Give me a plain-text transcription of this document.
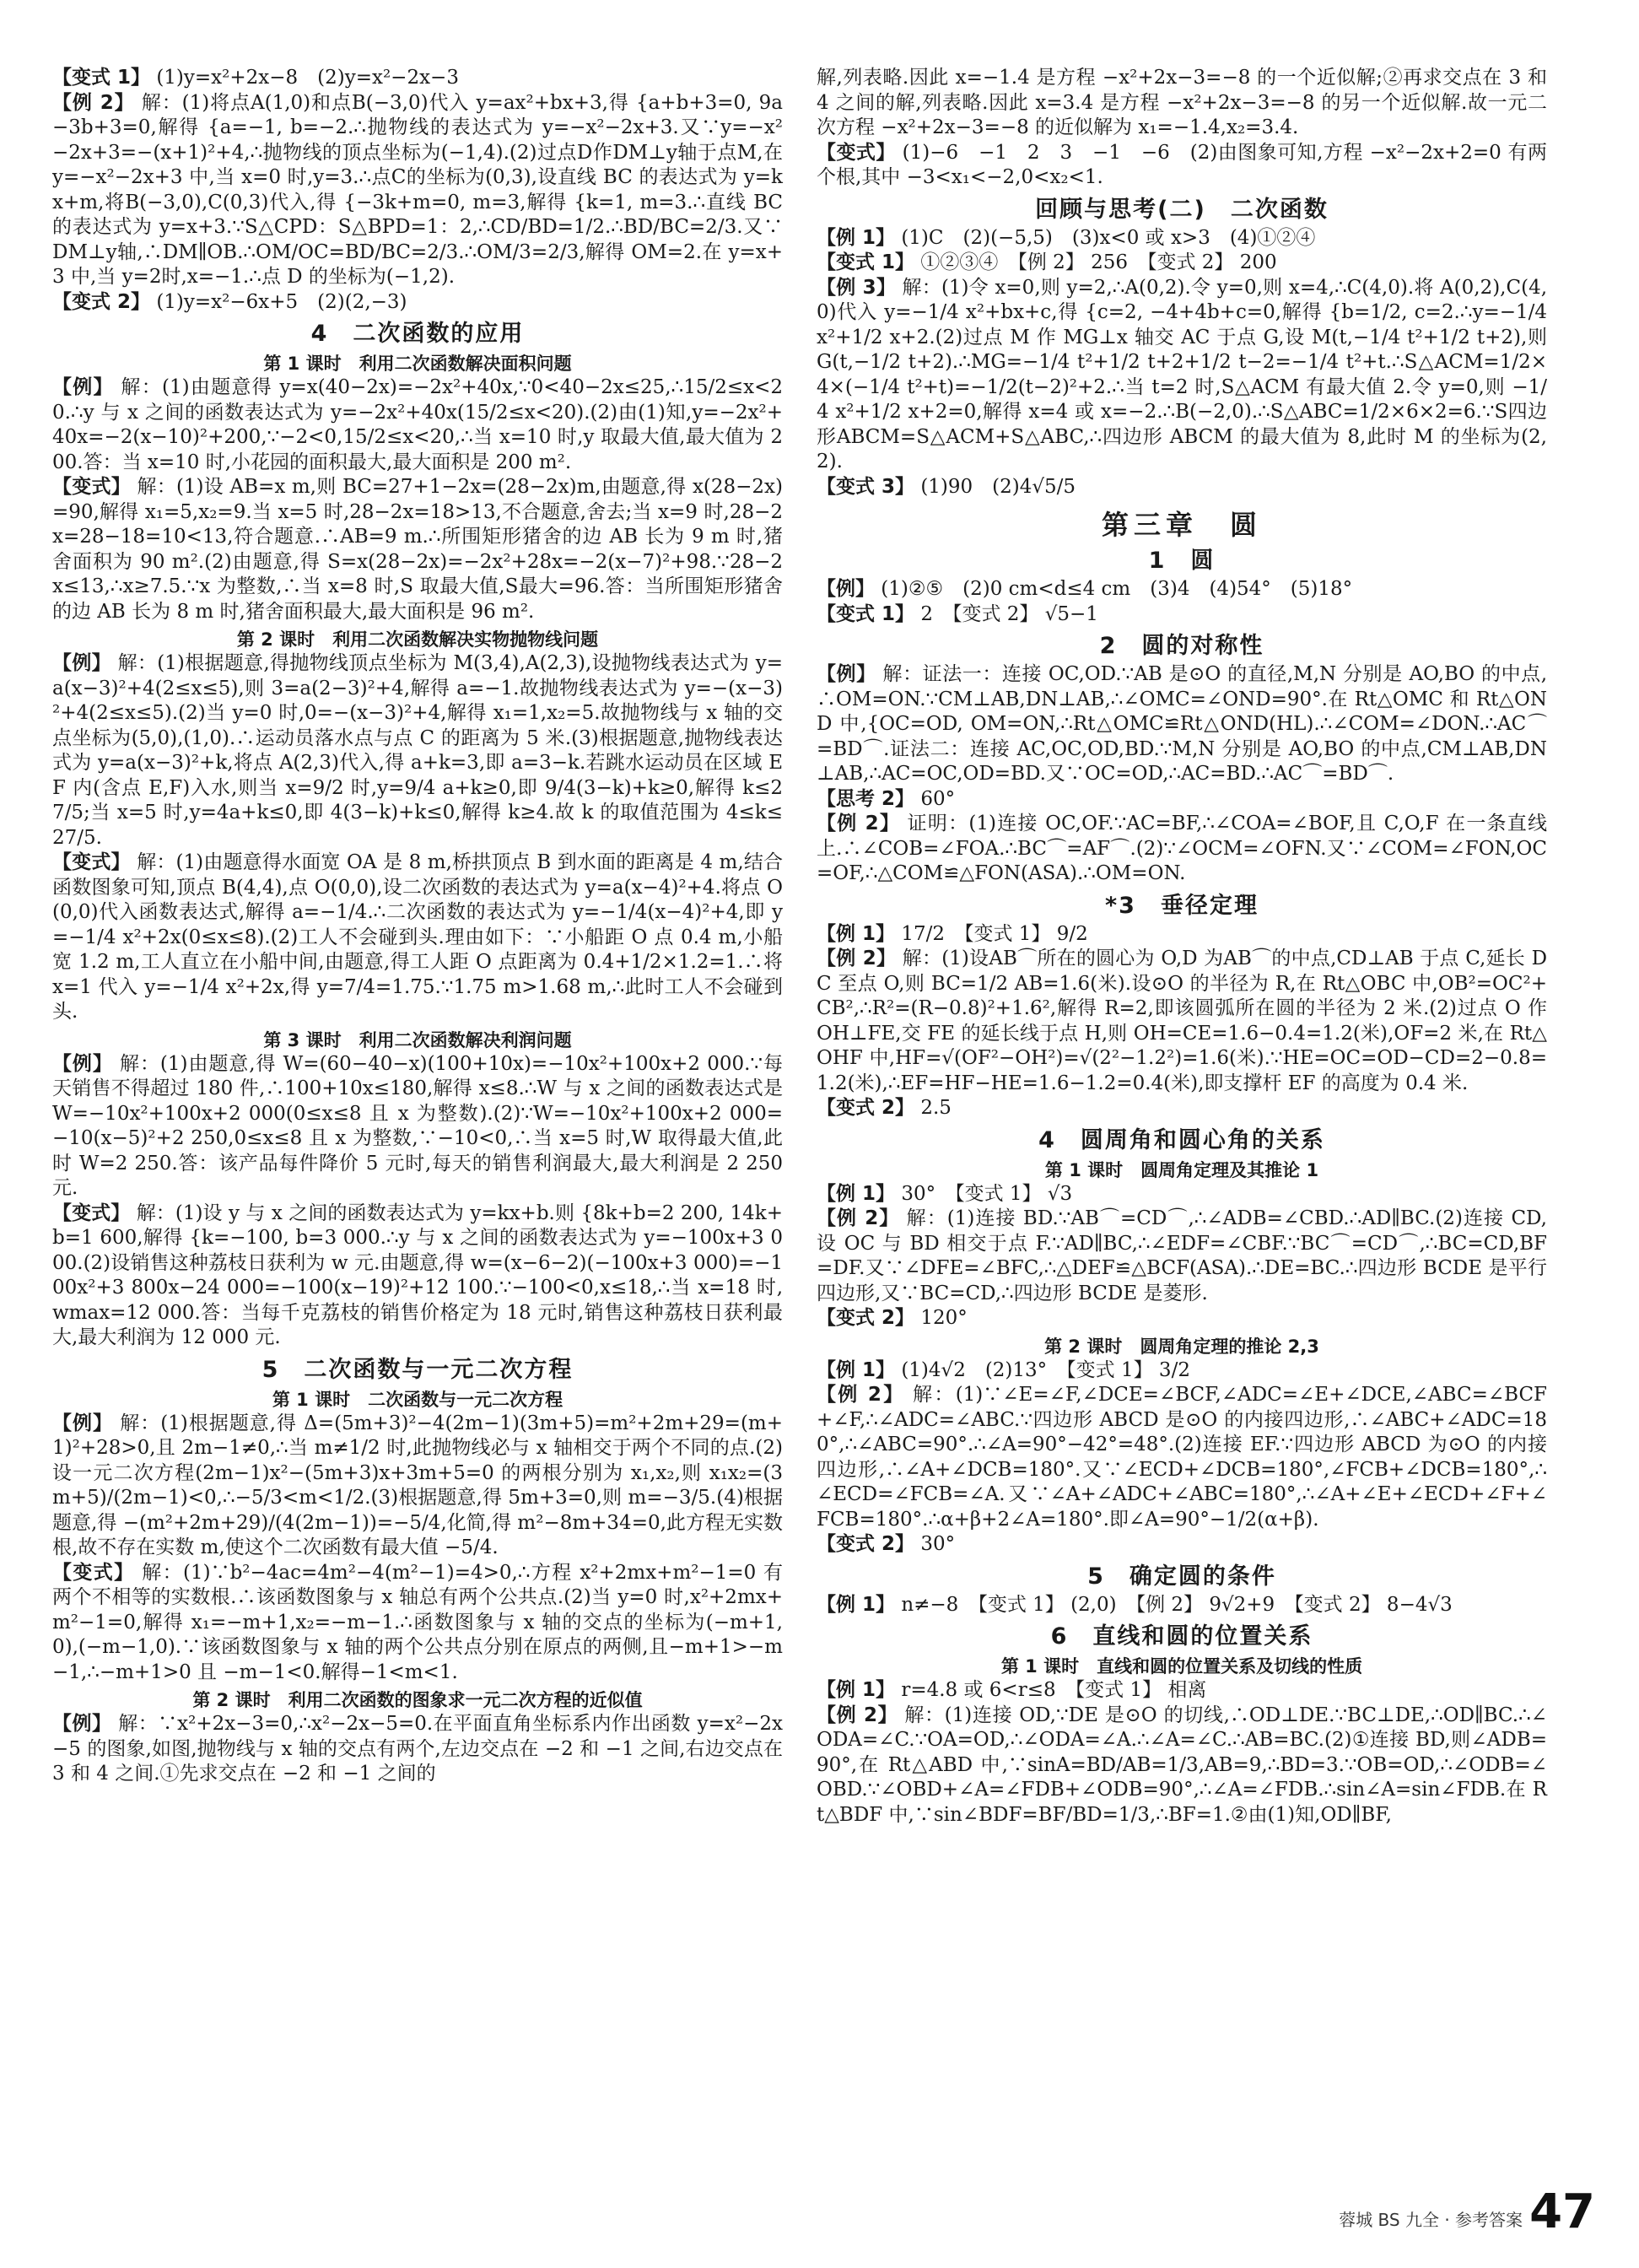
【变式 1】 (1)y=x²+2x−8　(2)y=x²−2x−3

【例 2】 解：(1)将点A(1,0)和点B(−3,0)代入 y=ax²+bx+3,得 {a+b+3=0, 9a−3b+3=0,解得 {a=−1, b=−2.∴抛物线的表达式为 y=−x²−2x+3.又∵y=−x²−2x+3=−(x+1)²+4,∴抛物线的顶点坐标为(−1,4).(2)过点D作DM⊥y轴于点M,在 y=−x²−2x+3 中,当 x=0 时,y=3.∴点C的坐标为(0,3),设直线 BC 的表达式为 y=kx+m,将B(−3,0),C(0,3)代入,得 {−3k+m=0, m=3,解得 {k=1, m=3.∴直线 BC 的表达式为 y=x+3.∵S△CPD：S△BPD=1：2,∴CD/BD=1/2.∴BD/BC=2/3.又∵DM⊥y轴,∴DM∥OB.∴OM/OC=BD/BC=2/3.∴OM/3=2/3,解得 OM=2.在 y=x+3 中,当 y=2时,x=−1.∴点 D 的坐标为(−1,2).

【变式 2】 (1)y=x²−6x+5　(2)(2,−3)

4　二次函数的应用
第 1 课时　利用二次函数解决面积问题

【例】 解：(1)由题意得 y=x(40−2x)=−2x²+40x,∵0<40−2x≤25,∴15/2≤x<20.∴y 与 x 之间的函数表达式为 y=−2x²+40x(15/2≤x<20).(2)由(1)知,y=−2x²+40x=−2(x−10)²+200,∵−2<0,15/2≤x<20,∴当 x=10 时,y 取最大值,最大值为 200.答：当 x=10 时,小花园的面积最大,最大面积是 200 m².

【变式】 解：(1)设 AB=x m,则 BC=27+1−2x=(28−2x)m,由题意,得 x(28−2x)=90,解得 x₁=5,x₂=9.当 x=5 时,28−2x=18>13,不合题意,舍去;当 x=9 时,28−2x=28−18=10<13,符合题意.∴AB=9 m.∴所围矩形猪舍的边 AB 长为 9 m 时,猪舍面积为 90 m².(2)由题意,得 S=x(28−2x)=−2x²+28x=−2(x−7)²+98.∵28−2x≤13,∴x≥7.5.∵x 为整数,∴当 x=8 时,S 取最大值,S最大=96.答：当所围矩形猪舍的边 AB 长为 8 m 时,猪舍面积最大,最大面积是 96 m².

第 2 课时　利用二次函数解决实物抛物线问题

【例】 解：(1)根据题意,得抛物线顶点坐标为 M(3,4),A(2,3),设抛物线表达式为 y=a(x−3)²+4(2≤x≤5),则 3=a(2−3)²+4,解得 a=−1.故抛物线表达式为 y=−(x−3)²+4(2≤x≤5).(2)当 y=0 时,0=−(x−3)²+4,解得 x₁=1,x₂=5.故抛物线与 x 轴的交点坐标为(5,0),(1,0).∴运动员落水点与点 C 的距离为 5 米.(3)根据题意,抛物线表达式为 y=a(x−3)²+k,将点 A(2,3)代入,得 a+k=3,即 a=3−k.若跳水运动员在区域 EF 内(含点 E,F)入水,则当 x=9/2 时,y=9/4 a+k≥0,即 9/4(3−k)+k≥0,解得 k≤27/5;当 x=5 时,y=4a+k≤0,即 4(3−k)+k≤0,解得 k≥4.故 k 的取值范围为 4≤k≤27/5.

【变式】 解：(1)由题意得水面宽 OA 是 8 m,桥拱顶点 B 到水面的距离是 4 m,结合函数图象可知,顶点 B(4,4),点 O(0,0),设二次函数的表达式为 y=a(x−4)²+4.将点 O(0,0)代入函数表达式,解得 a=−1/4.∴二次函数的表达式为 y=−1/4(x−4)²+4,即 y=−1/4 x²+2x(0≤x≤8).(2)工人不会碰到头.理由如下：∵小船距 O 点 0.4 m,小船宽 1.2 m,工人直立在小船中间,由题意,得工人距 O 点距离为 0.4+1/2×1.2=1.∴将 x=1 代入 y=−1/4 x²+2x,得 y=7/4=1.75.∵1.75 m>1.68 m,∴此时工人不会碰到头.

第 3 课时　利用二次函数解决利润问题

【例】 解：(1)由题意,得 W=(60−40−x)(100+10x)=−10x²+100x+2 000.∵每天销售不得超过 180 件,∴100+10x≤180,解得 x≤8.∴W 与 x 之间的函数表达式是 W=−10x²+100x+2 000(0≤x≤8 且 x 为整数).(2)∵W=−10x²+100x+2 000=−10(x−5)²+2 250,0≤x≤8 且 x 为整数,∵−10<0,∴当 x=5 时,W 取得最大值,此时 W=2 250.答：该产品每件降价 5 元时,每天的销售利润最大,最大利润是 2 250 元.

【变式】 解：(1)设 y 与 x 之间的函数表达式为 y=kx+b.则 {8k+b=2 200, 14k+b=1 600,解得 {k=−100, b=3 000.∴y 与 x 之间的函数表达式为 y=−100x+3 000.(2)设销售这种荔枝日获利为 w 元.由题意,得 w=(x−6−2)(−100x+3 000)=−100x²+3 800x−24 000=−100(x−19)²+12 100.∵−100<0,x≤18,∴当 x=18 时,wmax=12 000.答：当每千克荔枝的销售价格定为 18 元时,销售这种荔枝日获利最大,最大利润为 12 000 元.

5　二次函数与一元二次方程
第 1 课时　二次函数与一元二次方程

【例】 解：(1)根据题意,得 Δ=(5m+3)²−4(2m−1)(3m+5)=m²+2m+29=(m+1)²+28>0,且 2m−1≠0,∴当 m≠1/2 时,此抛物线必与 x 轴相交于两个不同的点.(2)设一元二次方程(2m−1)x²−(5m+3)x+3m+5=0 的两根分别为 x₁,x₂,则 x₁x₂=(3m+5)/(2m−1)<0,∴−5/3<m<1/2.(3)根据题意,得 5m+3=0,则 m=−3/5.(4)根据题意,得 −(m²+2m+29)/(4(2m−1))=−5/4,化简,得 m²−8m+34=0,此方程无实数根,故不存在实数 m,使这个二次函数有最大值 −5/4.

【变式】 解：(1)∵b²−4ac=4m²−4(m²−1)=4>0,∴方程 x²+2mx+m²−1=0 有两个不相等的实数根.∴该函数图象与 x 轴总有两个公共点.(2)当 y=0 时,x²+2mx+m²−1=0,解得 x₁=−m+1,x₂=−m−1.∴函数图象与 x 轴的交点的坐标为(−m+1,0),(−m−1,0).∵该函数图象与 x 轴的两个公共点分别在原点的两侧,且−m+1>−m−1,∴−m+1>0 且 −m−1<0.解得−1<m<1.

第 2 课时　利用二次函数的图象求一元二次方程的近似值

【例】 解：∵x²+2x−3=0,∴x²−2x−5=0.在平面直角坐标系内作出函数 y=x²−2x−5 的图象,如图,抛物线与 x 轴的交点有两个,左边交点在 −2 和 −1 之间,右边交点在 3 和 4 之间.①先求交点在 −2 和 −1 之间的

解,列表略.因此 x=−1.4 是方程 −x²+2x−3=−8 的一个近似解;②再求交点在 3 和 4 之间的解,列表略.因此 x=3.4 是方程 −x²+2x−3=−8 的另一个近似解.故一元二次方程 −x²+2x−3=−8 的近似解为 x₁=−1.4,x₂=3.4.

【变式】 (1)−6　−1　2　3　−1　−6　(2)由图象可知,方程 −x²−2x+2=0 有两个根,其中 −3<x₁<−2,0<x₂<1.

回顾与思考(二)　二次函数

【例 1】 (1)C　(2)(−5,5)　(3)x<0 或 x>3　(4)①②④

【变式 1】 ①②③④　【例 2】 256　【变式 2】 200

【例 3】 解：(1)令 x=0,则 y=2,∴A(0,2).令 y=0,则 x=4,∴C(4,0).将 A(0,2),C(4,0)代入 y=−1/4 x²+bx+c,得 {c=2, −4+4b+c=0,解得 {b=1/2, c=2.∴y=−1/4 x²+1/2 x+2.(2)过点 M 作 MG⊥x 轴交 AC 于点 G,设 M(t,−1/4 t²+1/2 t+2),则 G(t,−1/2 t+2).∴MG=−1/4 t²+1/2 t+2+1/2 t−2=−1/4 t²+t.∴S△ACM=1/2×4×(−1/4 t²+t)=−1/2(t−2)²+2.∴当 t=2 时,S△ACM 有最大值 2.令 y=0,则 −1/4 x²+1/2 x+2=0,解得 x=4 或 x=−2.∴B(−2,0).∴S△ABC=1/2×6×2=6.∵S四边形ABCM=S△ACM+S△ABC,∴四边形 ABCM 的最大值为 8,此时 M 的坐标为(2,2).

【变式 3】 (1)90　(2)4√5/5

第三章　圆
1　圆

【例】 (1)②⑤　(2)0 cm<d≤4 cm　(3)4　(4)54°　(5)18°

【变式 1】 2　【变式 2】 √5−1

2　圆的对称性

【例】 解：证法一：连接 OC,OD.∵AB 是⊙O 的直径,M,N 分别是 AO,BO 的中点,∴OM=ON.∵CM⊥AB,DN⊥AB,∴∠OMC=∠OND=90°.在 Rt△OMC 和 Rt△OND 中,{OC=OD, OM=ON,∴Rt△OMC≌Rt△OND(HL).∴∠COM=∠DON.∴AC⌒=BD⌒.证法二：连接 AC,OC,OD,BD.∵M,N 分别是 AO,BO 的中点,CM⊥AB,DN⊥AB,∴AC=OC,OD=BD.又∵OC=OD,∴AC=BD.∴AC⌒=BD⌒.

【思考 2】 60°

【例 2】 证明：(1)连接 OC,OF.∵AC=BF,∴∠COA=∠BOF,且 C,O,F 在一条直线上.∴∠COB=∠FOA.∴BC⌒=AF⌒.(2)∵∠OCM=∠OFN.又∵∠COM=∠FON,OC=OF,∴△COM≌△FON(ASA).∴OM=ON.

*3　垂径定理

【例 1】 17/2　【变式 1】 9/2

【例 2】 解：(1)设AB⌒所在的圆心为 O,D 为AB⌒的中点,CD⊥AB 于点 C,延长 DC 至点 O,则 BC=1/2 AB=1.6(米).设⊙O 的半径为 R,在 Rt△OBC 中,OB²=OC²+CB²,∴R²=(R−0.8)²+1.6²,解得 R=2,即该圆弧所在圆的半径为 2 米.(2)过点 O 作 OH⊥FE,交 FE 的延长线于点 H,则 OH=CE=1.6−0.4=1.2(米),OF=2 米,在 Rt△OHF 中,HF=√(OF²−OH²)=√(2²−1.2²)=1.6(米).∵HE=OC=OD−CD=2−0.8=1.2(米),∴EF=HF−HE=1.6−1.2=0.4(米),即支撑杆 EF 的高度为 0.4 米.

【变式 2】 2.5

4　圆周角和圆心角的关系
第 1 课时　圆周角定理及其推论 1

【例 1】 30°　【变式 1】 √3

【例 2】 解：(1)连接 BD.∵AB⌒=CD⌒,∴∠ADB=∠CBD.∴AD∥BC.(2)连接 CD,设 OC 与 BD 相交于点 F.∵AD∥BC,∴∠EDF=∠CBF.∵BC⌒=CD⌒,∴BC=CD,BF=DF.又∵∠DFE=∠BFC,∴△DEF≌△BCF(ASA).∴DE=BC.∴四边形 BCDE 是平行四边形,又∵BC=CD,∴四边形 BCDE 是菱形.

【变式 2】 120°

第 2 课时　圆周角定理的推论 2,3

【例 1】 (1)4√2　(2)13°　【变式 1】 3/2

【例 2】 解：(1)∵∠E=∠F,∠DCE=∠BCF,∠ADC=∠E+∠DCE,∠ABC=∠BCF+∠F,∴∠ADC=∠ABC.∵四边形 ABCD 是⊙O 的内接四边形,∴∠ABC+∠ADC=180°,∴∠ABC=90°.∴∠A=90°−42°=48°.(2)连接 EF.∵四边形 ABCD 为⊙O 的内接四边形,∴∠A+∠DCB=180°.又∵∠ECD+∠DCB=180°,∠FCB+∠DCB=180°,∴∠ECD=∠FCB=∠A.又∵∠A+∠ADC+∠ABC=180°,∴∠A+∠E+∠ECD+∠F+∠FCB=180°.∴α+β+2∠A=180°.即∠A=90°−1/2(α+β).

【变式 2】 30°

5　确定圆的条件

【例 1】 n≠−8　【变式 1】 (2,0)　【例 2】 9√2+9　【变式 2】 8−4√3

6　直线和圆的位置关系
第 1 课时　直线和圆的位置关系及切线的性质

【例 1】 r=4.8 或 6<r≤8　【变式 1】 相离

【例 2】 解：(1)连接 OD,∵DE 是⊙O 的切线,∴OD⊥DE.∵BC⊥DE,∴OD∥BC.∴∠ODA=∠C.∵OA=OD,∴∠ODA=∠A.∴∠A=∠C.∴AB=BC.(2)①连接 BD,则∠ADB=90°,在 Rt△ABD 中,∵sinA=BD/AB=1/3,AB=9,∴BD=3.∵OB=OD,∴∠ODB=∠OBD.∵∠OBD+∠A=∠FDB+∠ODB=90°,∴∠A=∠FDB.∴sin∠A=sin∠FDB.在 Rt△BDF 中,∵sin∠BDF=BF/BD=1/3,∴BF=1.②由(1)知,OD∥BF,

蓉城 BS 九全 · 参考答案 47
